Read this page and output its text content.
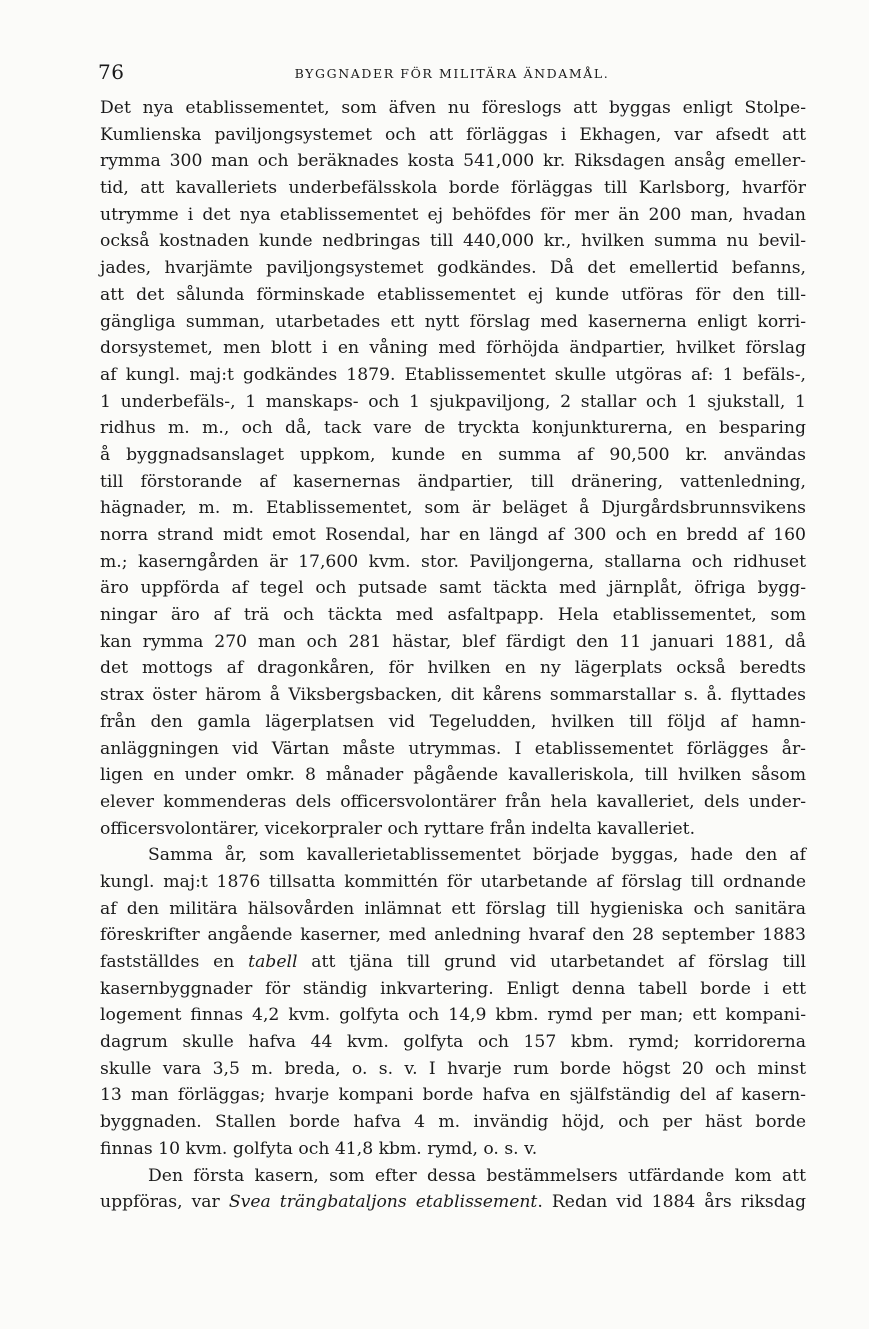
76	BYGGNADER FÖR MILITÄRA ÄNDAMÅL.
Det nya etablissementet, som äfven nu föreslogs att byggas enligt Stolpe-
Kumlienska paviljongsystemet och att förläggas i Ekhagen, var afsedt att
rymma 300 man och beräknades kosta 541,000 kr. Riksdagen ansåg emeller-
tid, att kavalleriets underbefälsskola borde förläggas till Karlsborg, hvarför
utrymme i det nya etablissementet ej behöfdes för mer än 200 man, hvadan
också kostnaden kunde nedbringas till 440,000 kr., hvilken summa nu bevil-
jades, hvarjämte paviljongsystemet godkändes. Då det emellertid befanns,
att det sålunda förminskade etablissementet ej kunde utföras för den till-
gängliga summan, utarbetades ett nytt förslag med kasernerna enligt korri-
dorsystemet, men blott i en våning med förhöjda ändpartier, hvilket förslag
af kungl. maj:t godkändes 1879. Etablissementet skulle utgöras af: 1 befäls-,
1 underbefäls-, 1 manskaps- och 1 sjukpaviljong, 2 stallar och 1 sjukstall, 1
ridhus m. m., och då, tack vare de tryckta konjunkturerna, en besparing
å byggnadsanslaget uppkom, kunde en summa af 90,500 kr. användas
till förstorande af kasernernas ändpartier, till dränering, vattenledning,
hägnader, m. m. Etablissementet, som är beläget å Djurgårdsbrunnsvikens
norra strand midt emot Rosendal, har en längd af 300 och en bredd af 160
m.; kaserngården är 17,600 kvm. stor. Paviljongerna, stallarna och ridhuset
äro uppförda af tegel och putsade samt täckta med järnplåt, öfriga bygg-
ningar äro af trä och täckta med asfaltpapp. Hela etablissementet, som
kan rymma 270 man och 281 hästar, blef färdigt den 11 januari 1881, då
det mottogs af dragonkåren, för hvilken en ny lägerplats också beredts
strax öster härom å Viksbergsbacken, dit kårens sommarstallar s. å. flyttades
från den gamla lägerplatsen vid Tegeludden, hvilken till följd af hamn-
anläggningen vid Värtan måste utrymmas. I etablissementet förlägges år-
ligen en under omkr. 8 månader pågående kavalleriskola, till hvilken såsom
elever kommenderas dels officersvolontärer från hela kavalleriet, dels under-
officersvolontärer, vicekorpraler och ryttare från indelta kavalleriet.
Samma år, som kavallerietablissementet började byggas, hade den af
kungl. maj:t 1876 tillsatta kommittén för utarbetande af förslag till ordnande
af den militära hälsovården inlämnat ett förslag till hygieniska och sanitära
föreskrifter angående kaserner, med anledning hvaraf den 28 september 1883
fastställdes en tabell att tjäna till grund vid utarbetandet af förslag till
kasernbyggnader för ständig inkvartering. Enligt denna tabell borde i ett
logement finnas 4,2 kvm. golfyta och 14,9 kbm. rymd per man; ett kompani-
dagrum skulle hafva 44 kvm. golfyta och 157 kbm. rymd; korridorerna
skulle vara 3,5 m. breda, o. s. v. I hvarje rum borde högst 20 och minst
13 man förläggas; hvarje kompani borde hafva en själfständig del af kasern-
byggnaden. Stallen borde hafva 4 m. invändig höjd, och per häst borde
finnas 10 kvm. golfyta och 41,8 kbm. rymd, o. s. v.
Den första kasern, som efter dessa bestämmelsers utfärdande kom att
uppföras, var Svea trängbataljons etablissement. Redan vid 1884 års riksdag
